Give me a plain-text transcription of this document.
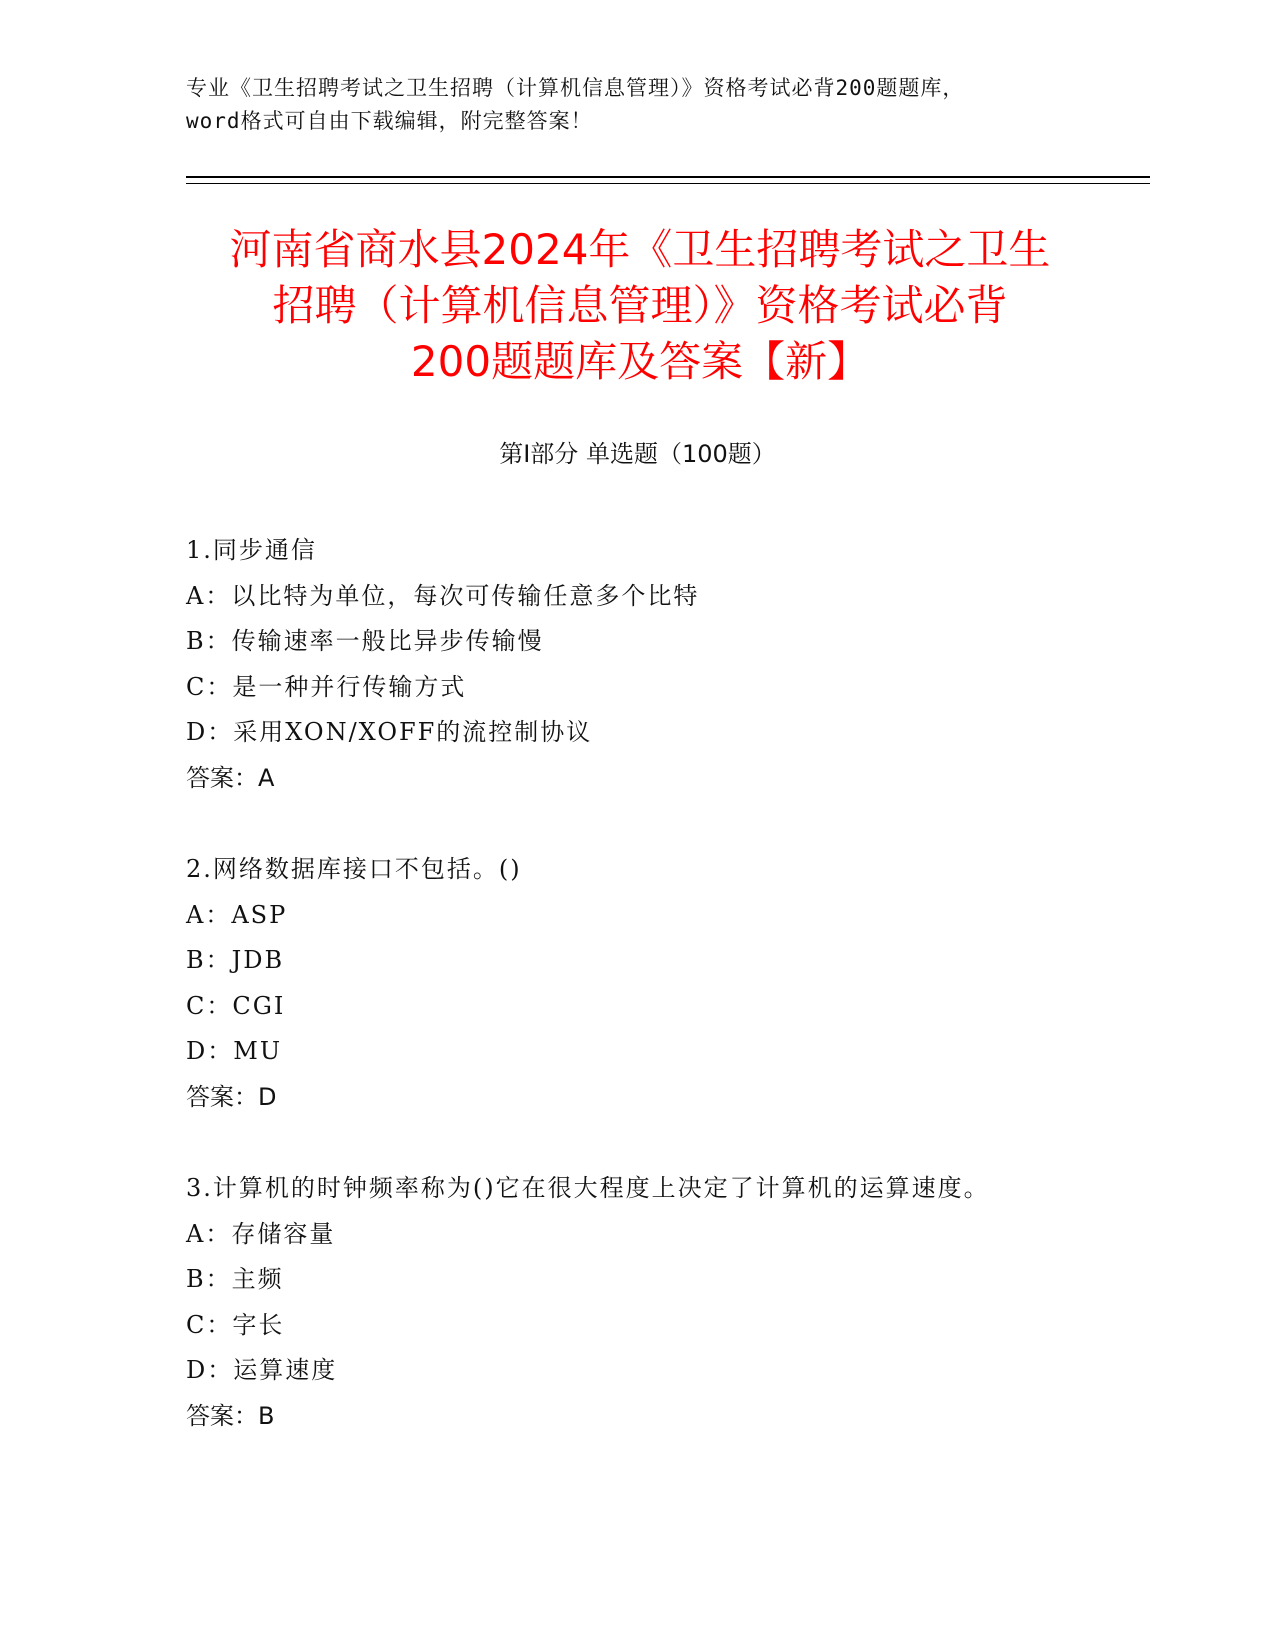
专业《卫生招聘考试之卫生招聘（计算机信息管理）》资格考试必背200题题库，
word格式可自由下载编辑，附完整答案！
河南省商水县2024年《卫生招聘考试之卫生
招聘（计算机信息管理）》资格考试必背
200题题库及答案【新】
第Ⅰ部分 单选题（100题）
1.同步通信
A：以比特为单位，每次可传输任意多个比特
B：传输速率一般比异步传输慢
C：是一种并行传输方式
D：采用XON/XOFF的流控制协议
答案：A
2.网络数据库接口不包括。()
A：ASP
B：JDB
C：CGI
D：MU
答案：D
3.计算机的时钟频率称为()它在很大程度上决定了计算机的运算速度。
A：存储容量
B：主频
C：字长
D：运算速度
答案：B
